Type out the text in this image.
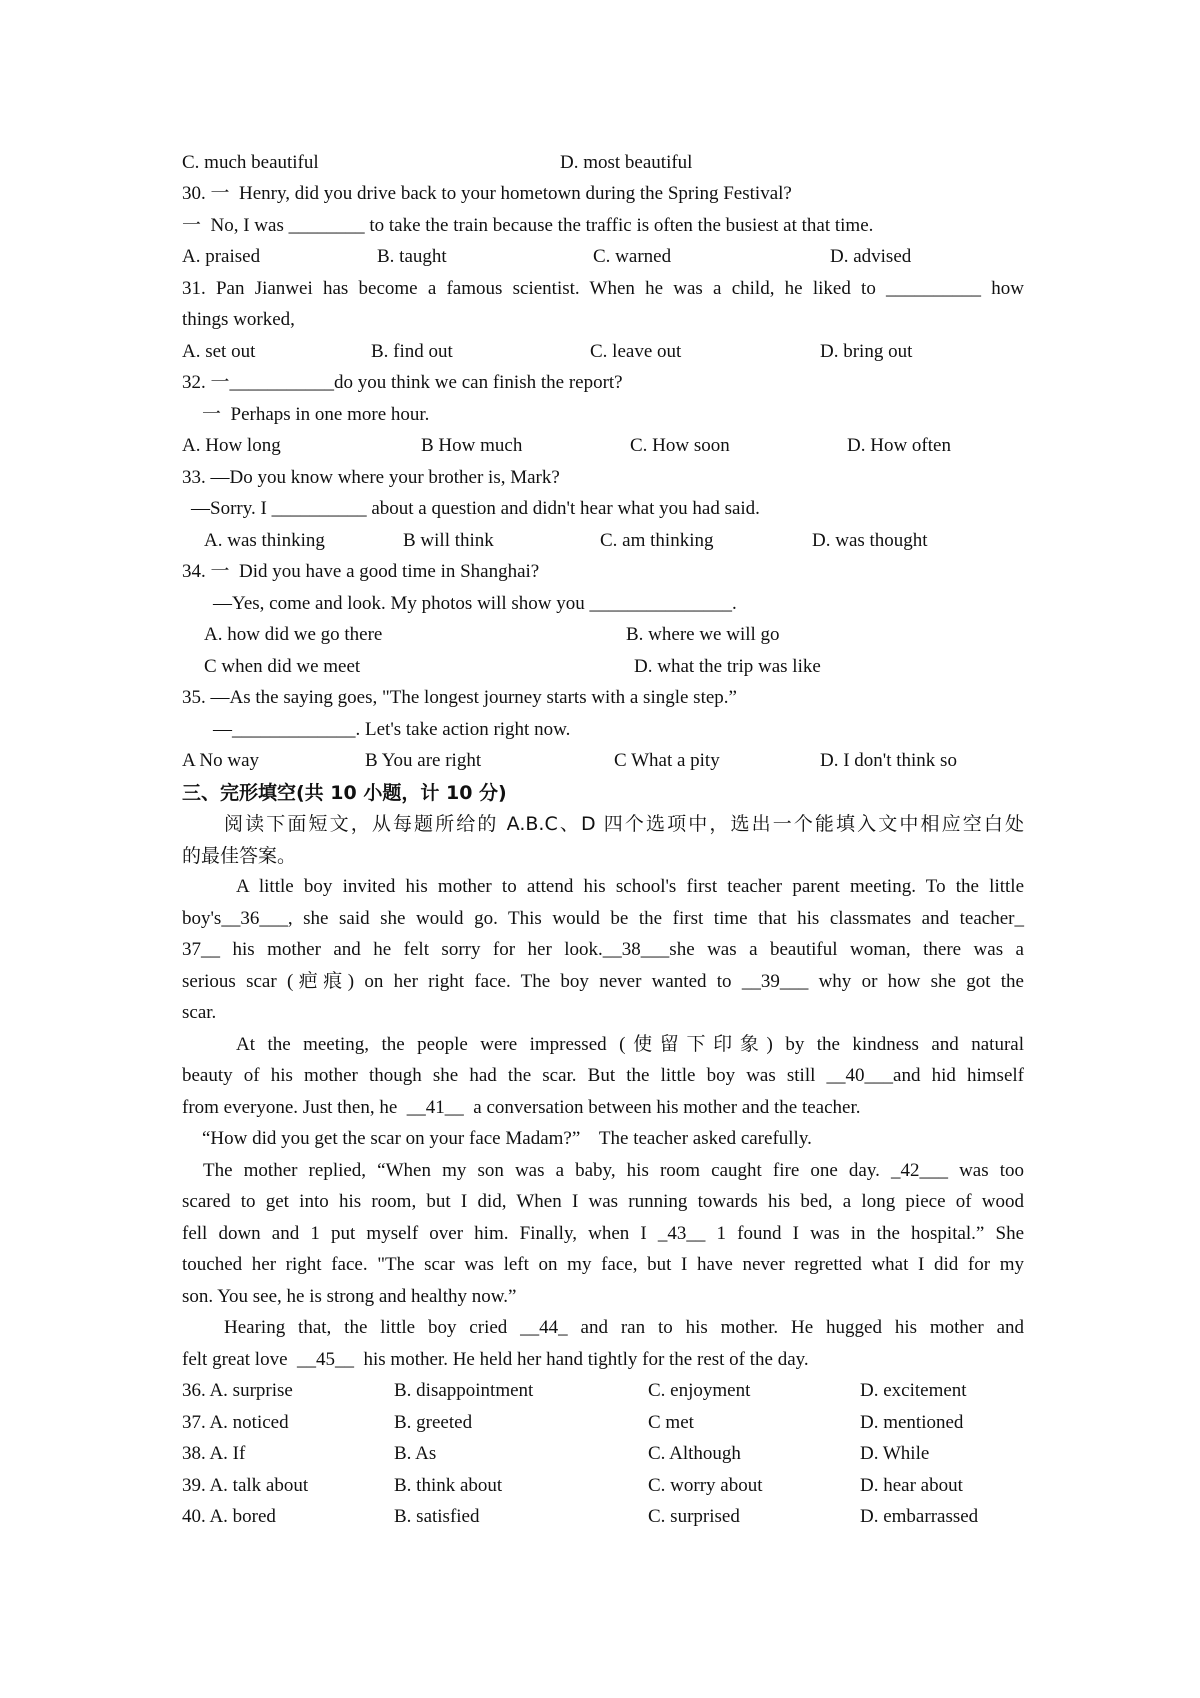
C. much beautiful	D. most beautiful
30. 一  Henry, did you drive back to your hometown during the Spring Festival?
一  No, I was ________ to take the train because the traffic is often the busiest at that time.
A. praised	B. taught	C. warned	D. advised
31. Pan Jianwei has become a famous scientist. When he was a child, he liked to __________ how
things worked,
A. set out	B. find out	C. leave out	D. bring out
32. 一___________do you think we can finish the report?
一  Perhaps in one more hour.
A. How long	B How much	C. How soon	D. How often
33. —Do you know where your brother is, Mark?
—Sorry. I __________ about a question and didn't hear what you had said.
A. was thinking	B will think	C. am thinking	D. was thought
34. 一  Did you have a good time in Shanghai?
—Yes, come and look. My photos will show you _______________.
A. how did we go there	B. where we will go
C when did we meet	D. what the trip was like
35. —As the saying goes, "The longest journey starts with a single step.”
—_____________. Let's take action right now.
A No way	B You are right	C What a pity	D. I don't think so
三、完形填空(共 10 小题，计 10 分)
阅读下面短文，从每题所给的 A.B.C、D 四个选项中，选出一个能填入文中相应空白处
的最佳答案。
A little boy invited his mother to attend his school's first teacher parent meeting. To the little
boy's__36___, she said she would go. This would be the first time that his classmates and teacher_
37__ his mother and he felt sorry for her look.__38___she was a beautiful woman, there was a
serious scar (疤痕) on her right face. The boy never wanted to __39___ why or how she got the
scar.
At the meeting, the people were impressed (使留下印象) by the kindness and natural
beauty of his mother though she had the scar. But the little boy was still __40___and hid himself
from everyone. Just then, he  __41__  a conversation between his mother and the teacher.
“How did you get the scar on your face Madam?”    The teacher asked carefully.
The mother replied, “When my son was a baby, his room caught fire one day. _42___ was too
scared to get into his room, but I did, When I was running towards his bed, a long piece of wood
fell down and 1 put myself over him. Finally, when I _43__ 1 found I was in the hospital.” She
touched her right face. "The scar was left on my face, but I have never regretted what I did for my
son. You see, he is strong and healthy now.”
Hearing that, the little boy cried __44_ and ran to his mother. He hugged his mother and
felt great love  __45__  his mother. He held her hand tightly for the rest of the day.
36. A. surprise	B. disappointment	C. enjoyment	D. excitement
37. A. noticed	B. greeted	C met	D. mentioned
38. A. If	B. As	C. Although	D. While
39. A. talk about	B. think about	C. worry about	D. hear about
40. A. bored	B. satisfied	C. surprised	D. embarrassed
